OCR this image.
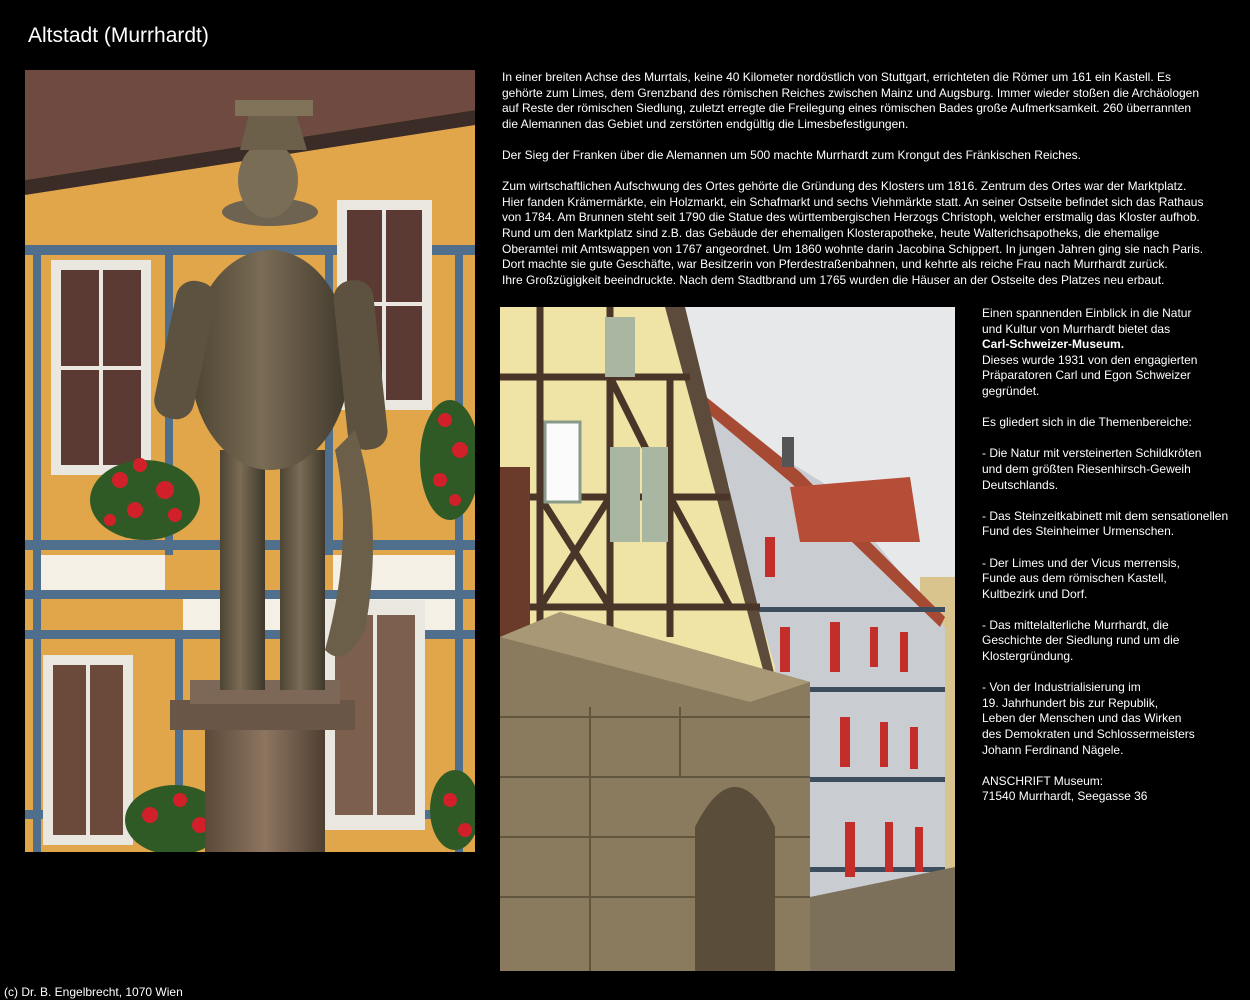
Altstadt (Murrhardt)

In einer breiten Achse des Murrtals, keine 40 Kilometer nordöstlich von Stuttgart, errichteten die Römer um 161 ein Kastell. Es
gehörte zum Limes, dem Grenzband des römischen Reiches zwischen Mainz und Augsburg. Immer wieder stoßen die Archäologen
auf Reste der römischen Siedlung, zuletzt erregte die Freilegung eines römischen Bades große Aufmerksamkeit. 260 überrannten
die Alemannen das Gebiet und zerstörten endgültig die Limesbefestigungen.

Der Sieg der Franken über die Alemannen um 500 machte Murrhardt zum Krongut des Fränkischen Reiches.

Zum wirtschaftlichen Aufschwung des Ortes gehörte die Gründung des Klosters um 1816. Zentrum des Ortes war der Marktplatz.
Hier fanden Krämermärkte, ein Holzmarkt, ein Schafmarkt und sechs Viehmärkte statt. An seiner Ostseite befindet sich das Rathaus
von 1784. Am Brunnen steht seit 1790 die Statue des württembergischen Herzogs Christoph, welcher erstmalig das Kloster aufhob.
Rund um den Marktplatz sind z.B. das Gebäude der ehemaligen Klosterapotheke, heute Walterichsapotheks, die ehemalige
Oberamtei mit Amtswappen von 1767 angeordnet. Um 1860 wohnte darin Jacobina Schippert. In jungen Jahren ging sie nach Paris.
Dort machte sie gute Geschäfte, war Besitzerin von Pferdestraßenbahnen, und kehrte als reiche Frau nach Murrhardt zurück.
Ihre Großzügigkeit beeindruckte. Nach dem Stadtbrand um 1765 wurden die Häuser an der Ostseite des Platzes neu erbaut.

Einen spannenden Einblick in die Natur
und Kultur von Murrhardt bietet das
Carl-Schweizer-Museum.
Dieses wurde 1931 von den engagierten
Präparatoren Carl und Egon Schweizer
gegründet.
Es gliedert sich in die Themenbereiche:
- Die Natur mit versteinerten Schildkröten
und dem größten Riesenhirsch-Geweih
Deutschlands.
- Das Steinzeitkabinett mit dem sensationellen
Fund des Steinheimer Urmenschen.
- Der Limes und der Vicus merrensis,
Funde aus dem römischen Kastell,
Kultbezirk und Dorf.
- Das mittelalterliche Murrhardt, die
Geschichte der Siedlung rund um die
Klostergründung.
- Von der Industrialisierung im
19. Jahrhundert bis zur Republik,
Leben der Menschen und das Wirken
des Demokraten und Schlossermeisters
Johann Ferdinand Nägele.
ANSCHRIFT Museum:
71540 Murrhardt, Seegasse 36
(c) Dr. B. Engelbrecht, 1070 Wien
